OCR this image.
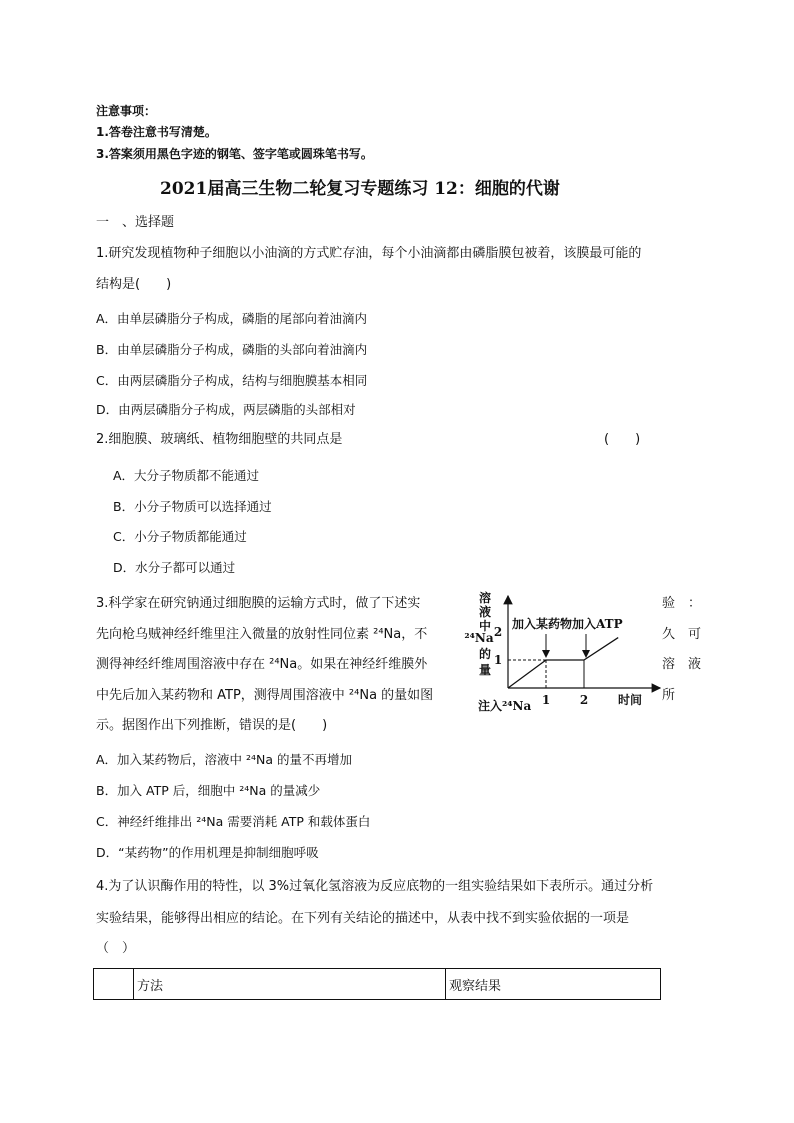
注意事项：
1.答卷注意书写清楚。
3.答案须用黑色字迹的钢笔、签字笔或圆珠笔书写。
2021届高三生物二轮复习专题练习 12：细胞的代谢
一　、选择题
1.研究发现植物种子细胞以小油滴的方式贮存油，每个小油滴都由磷脂膜包被着，该膜最可能的
结构是(　　)
A．由单层磷脂分子构成，磷脂的尾部向着油滴内
B．由单层磷脂分子构成，磷脂的头部向着油滴内
C．由两层磷脂分子构成，结构与细胞膜基本相同
D．由两层磷脂分子构成，两层磷脂的头部相对
2.细胞膜、玻璃纸、植物细胞壁的共同点是	(　　)
A．大分子物质都不能通过
B．小分子物质可以选择通过
C．小分子物质都能通过
D．水分子都可以通过
3.科学家在研究钠通过细胞膜的运输方式时，做了下述实
先向枪乌贼神经纤维里注入微量的放射性同位素 ²⁴Na，不
测得神经纤维周围溶液中存在 ²⁴Na。如果在神经纤维膜外
中先后加入某药物和 ATP，测得周围溶液中 ²⁴Na 的量如图
示。据图作出下列推断，错误的是(　　)
验　：
久　可
溶　液
所
1
2
1 2
加入某药物加入ATP
溶
液
中
²⁴Na
的
量
时间
注入²⁴Na
A．加入某药物后，溶液中 ²⁴Na 的量不再增加
B．加入 ATP 后，细胞中 ²⁴Na 的量减少
C．神经纤维排出 ²⁴Na 需要消耗 ATP 和载体蛋白
D．“某药物”的作用机理是抑制细胞呼吸
4.为了认识酶作用的特性，以 3%过氧化氢溶液为反应底物的一组实验结果如下表所示。通过分析
实验结果，能够得出相应的结论。在下列有关结论的描述中，从表中找不到实验依据的一项是
（　）
	方法	观察结果
